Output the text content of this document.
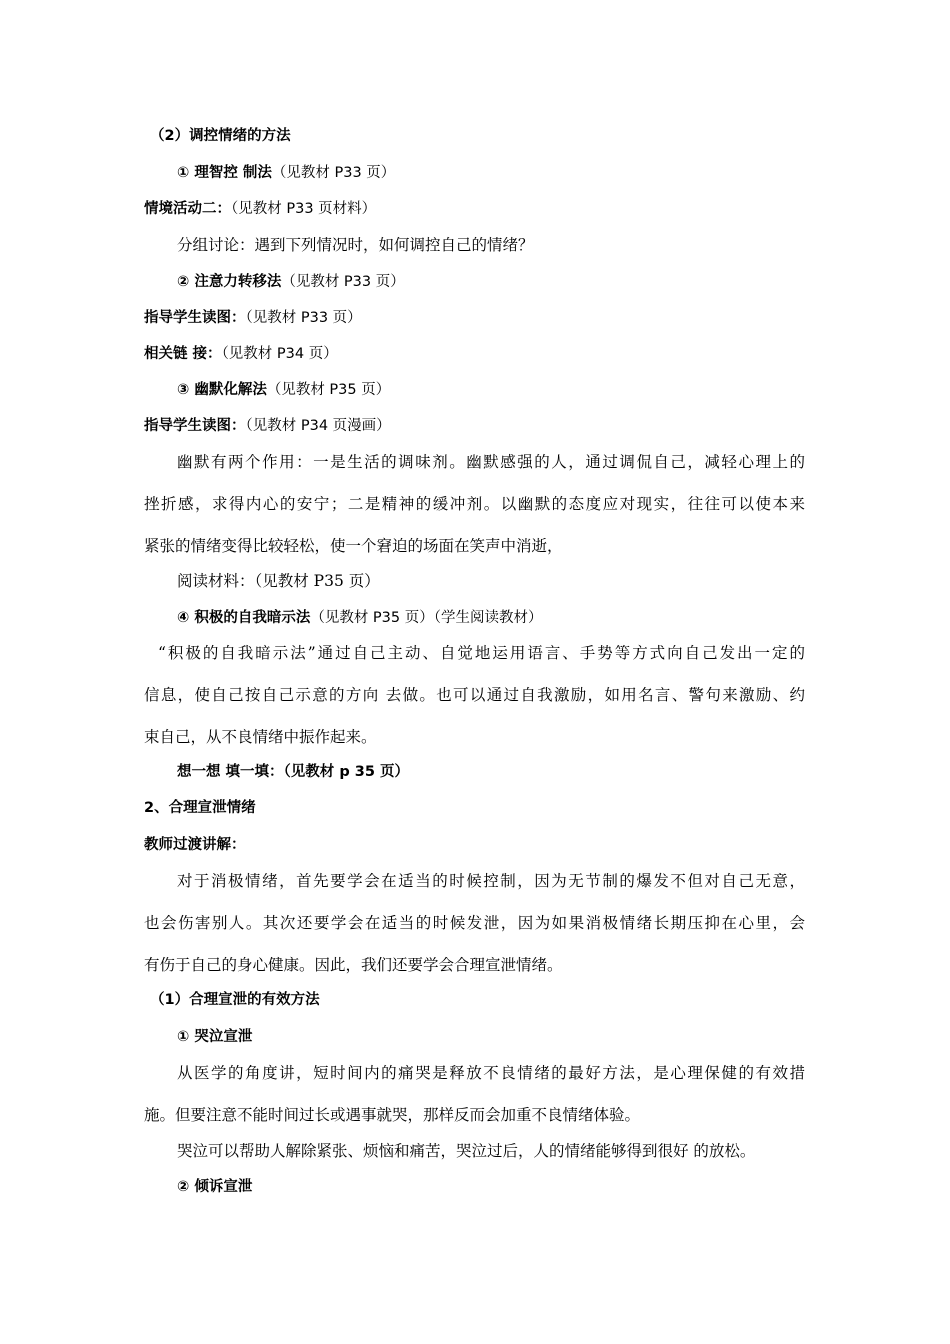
（2）调控情绪的方法
① 理智控 制法（见教材 P33 页）
情境活动二：（见教材 P33 页材料）
分组讨论：遇到下列情况时，如何调控自己的情绪？
② 注意力转移法（见教材 P33 页）
指导学生读图：（见教材 P33 页）
相关链 接：（见教材 P34 页）
③ 幽默化解法（见教材 P35 页）
指导学生读图：（见教材 P34 页漫画）
幽默有两个作用：一是生活的调味剂。幽默感强的人，通过调侃自己，减轻心理上的
挫折感，求得内心的安宁；二是精神的缓冲剂。以幽默的态度应对现实，往往可以使本来
紧张的情绪变得比较轻松，使一个窘迫的场面在笑声中消逝，
阅读材料：（见教材 P35 页）
④ 积极的自我暗示法（见教材 P35 页）（学生阅读教材）
“积极的自我暗示法”通过自己主动、自觉地运用语言、手势等方式向自己发出一定的
信息，使自己按自己示意的方向 去做。也可以通过自我激励，如用名言、警句来激励、约
束自己，从不良情绪中振作起来。
想一想 填一填：（见教材 p 35 页）
2、合理宣泄情绪
教师过渡讲解：
对于消极情绪，首先要学会在适当的时候控制，因为无节制的爆发不但对自己无意，
也会伤害别人。其次还要学会在适当的时候发泄，因为如果消极情绪长期压抑在心里，会
有伤于自己的身心健康。因此，我们还要学会合理宣泄情绪。
（1）合理宣泄的有效方法
① 哭泣宣泄
从医学的角度讲，短时间内的痛哭是释放不良情绪的最好方法，是心理保健的有效措
施。但要注意不能时间过长或遇事就哭，那样反而会加重不良情绪体验。
哭泣可以帮助人解除紧张、烦恼和痛苦，哭泣过后，人的情绪能够得到很好 的放松。
② 倾诉宣泄
